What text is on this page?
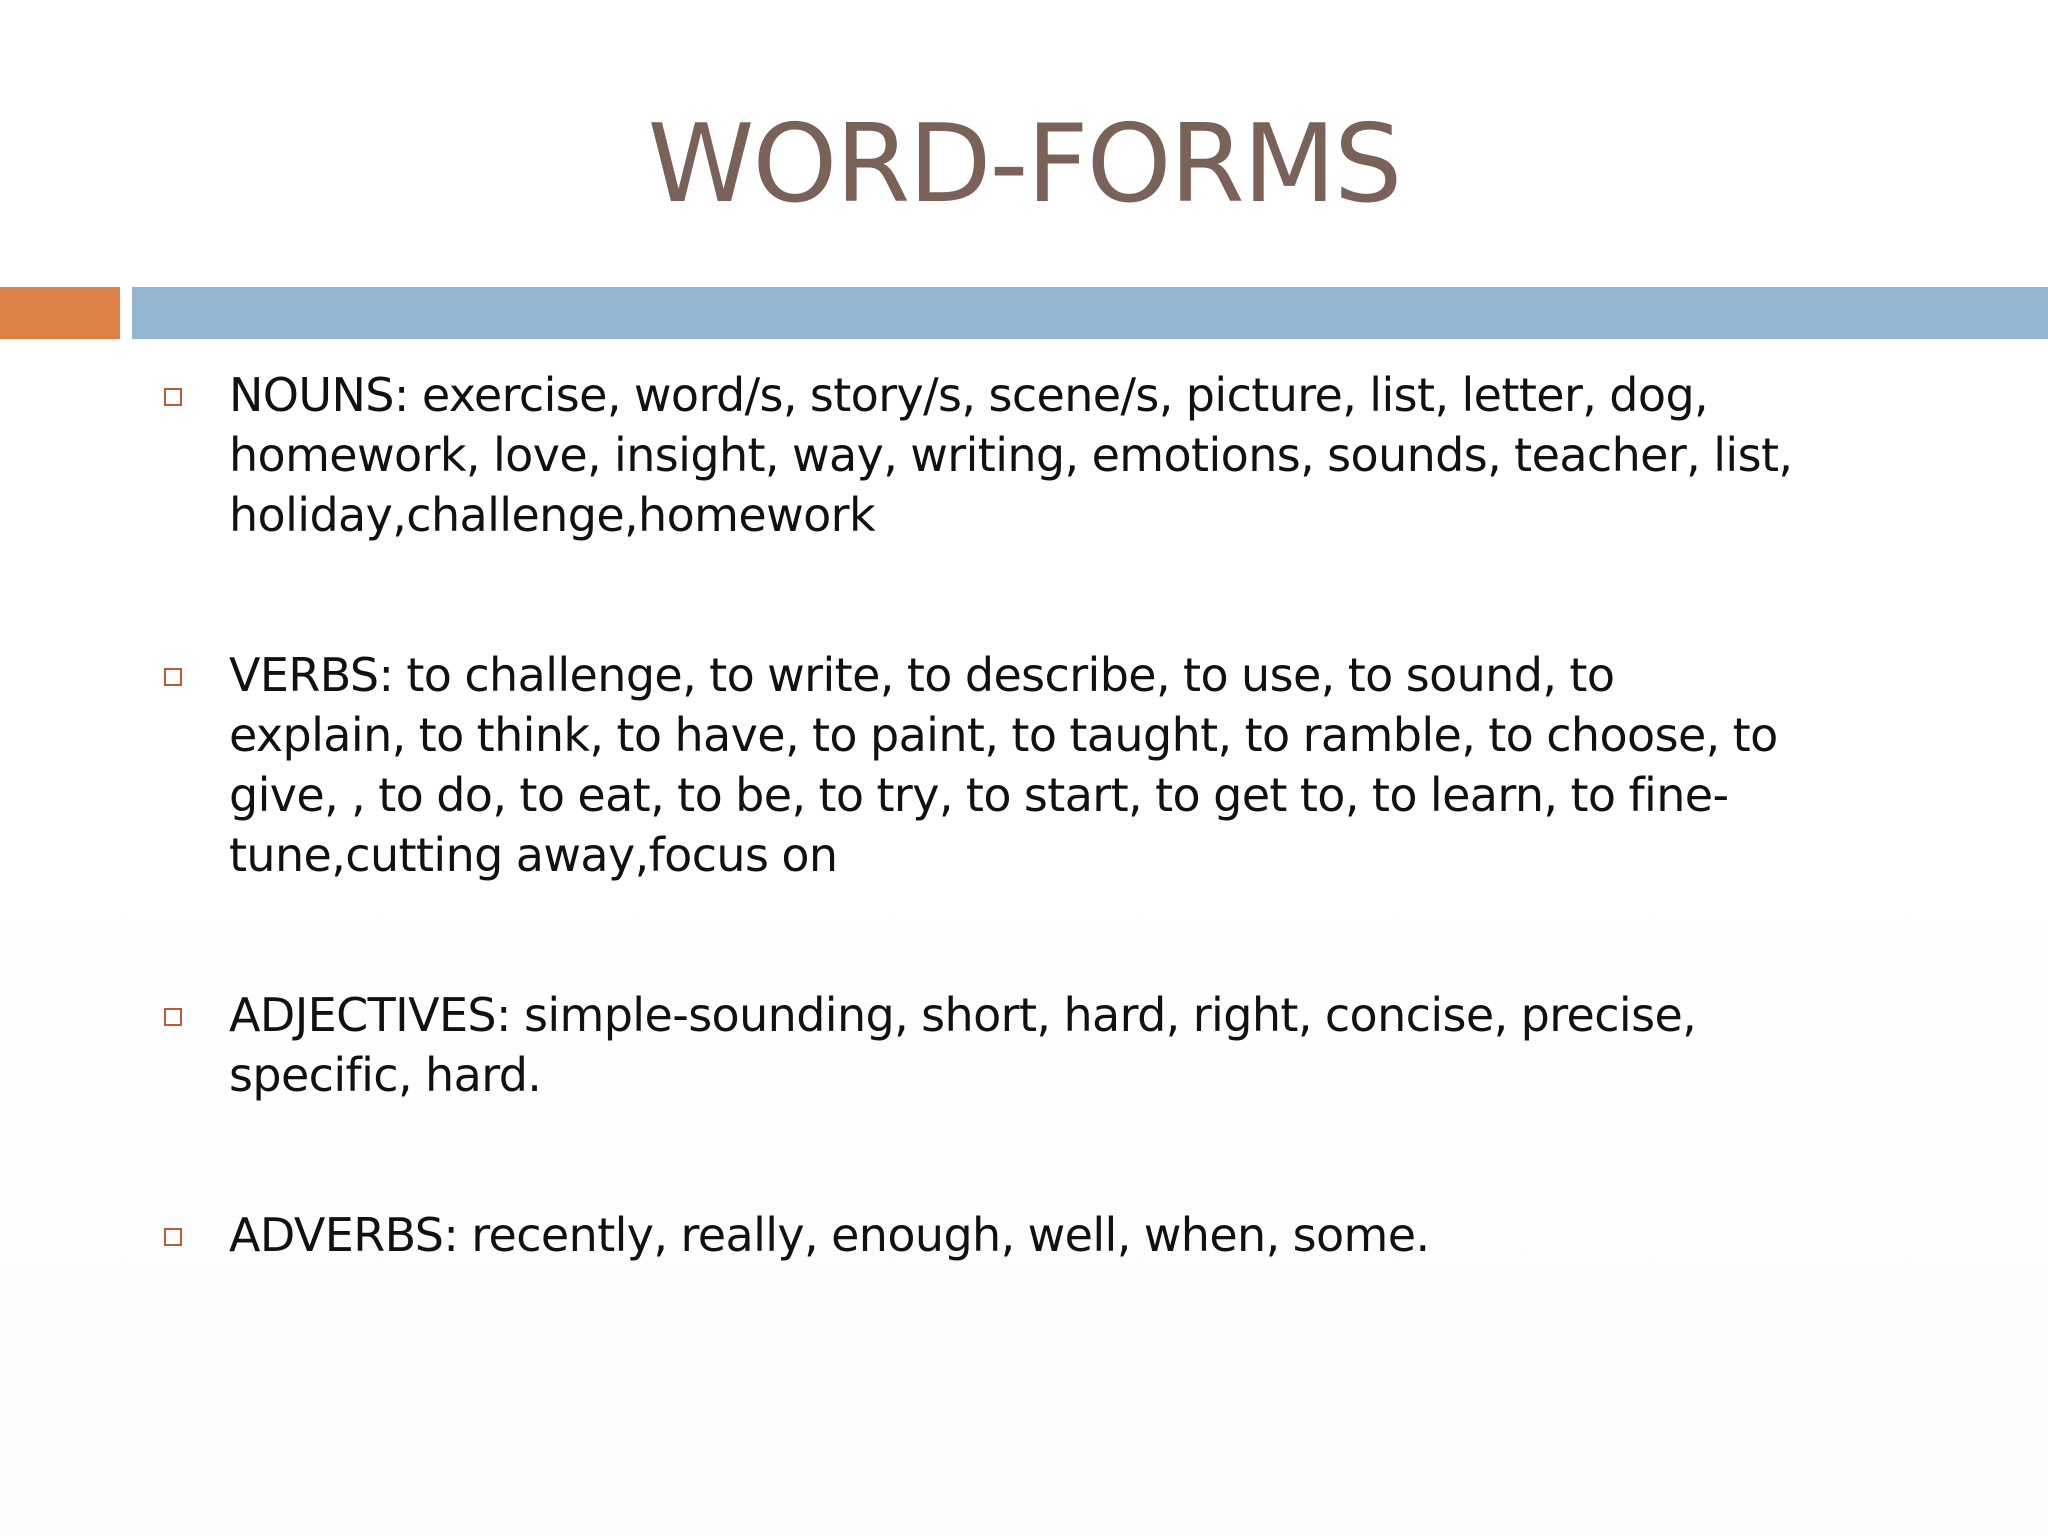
WORD-FORMS
NOUNS: exercise, word/s, story/s, scene/s, picture, list, letter, dog,
homework, love, insight, way, writing, emotions, sounds, teacher, list,
holiday,challenge,homework
VERBS: to challenge, to write, to describe, to use, to sound, to
explain, to think, to have, to paint, to taught, to ramble, to choose, to
give, , to do, to eat, to be, to try, to start, to get to, to learn, to fine-
tune,cutting away,focus on
ADJECTIVES: simple-sounding, short, hard, right, concise, precise,
specific, hard.
ADVERBS: recently, really, enough, well, when, some.
